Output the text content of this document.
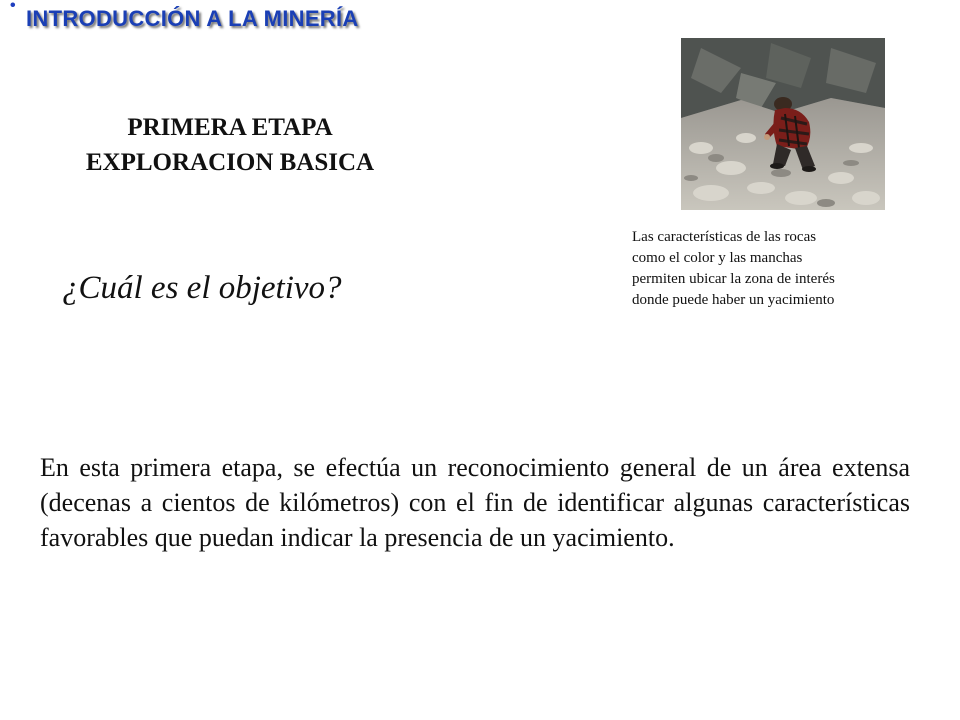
•
INTRODUCCIÓN A LA MINERÍA
PRIMERA ETAPA
EXPLORACION BASICA
¿Cuál es el objetivo?
Las características de las rocas
como el color y las manchas
permiten ubicar la zona de interés
donde puede haber un yacimiento
En esta primera etapa, se efectúa un reconocimiento general de un área extensa (decenas a cientos de kilómetros) con el fin de identificar algunas características favorables que puedan indicar la presencia de un yacimiento.
